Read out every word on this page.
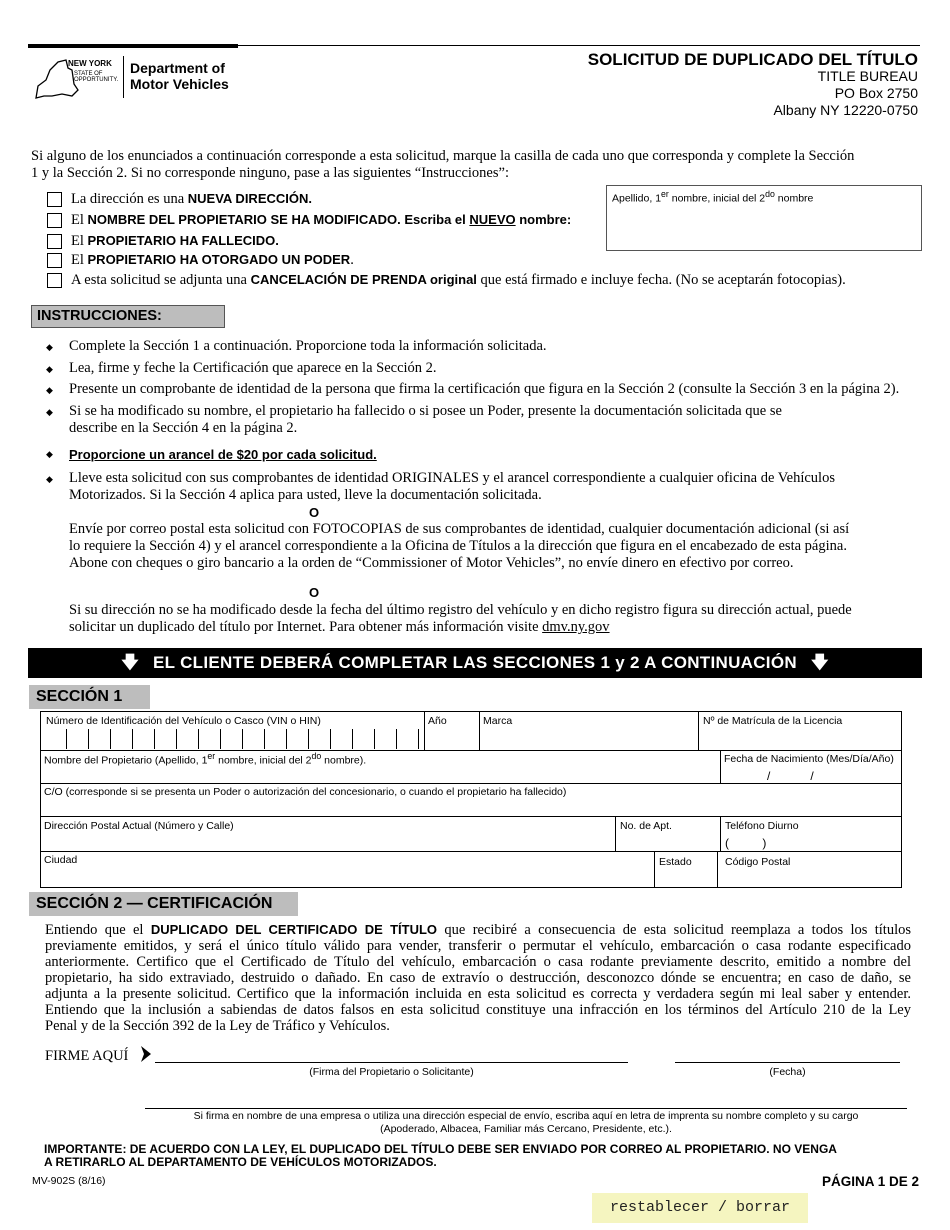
NEW YORK
STATE OF
OPPORTUNITY.
Department of
Motor Vehicles
SOLICITUD DE DUPLICADO DEL TÍTULO
TITLE BUREAU
PO Box 2750
Albany NY 12220-0750
Si alguno de los enunciados a continuación corresponde a esta solicitud, marque la casilla de cada uno que corresponda y complete la Sección
1 y la Sección 2. Si no corresponde ninguno, pase a las siguientes “Instrucciones”:
La dirección es una NUEVA DIRECCIÓN.
El NOMBRE DEL PROPIETARIO SE HA MODIFICADO. Escriba el NUEVO nombre:
El PROPIETARIO HA FALLECIDO.
El PROPIETARIO HA OTORGADO UN PODER.
A esta solicitud se adjunta una CANCELACIÓN DE PRENDA original que está firmado e incluye fecha. (No se aceptarán fotocopias).
Apellido, 1er nombre, inicial del $2^{do}$ nombre
INSTRUCCIONES:
◆ Complete la Sección 1 a continuación. Proporcione toda la información solicitada.
◆ Lea, firme y feche la Certificación que aparece en la Sección 2.
◆ Presente un comprobante de identidad de la persona que firma la certificación que figura en la Sección 2 (consulte la Sección 3 en la página 2).
◆ Si se ha modificado su nombre, el propietario ha fallecido o si posee un Poder, presente la documentación solicitada que se
describe en la Sección 4 en la página 2.
◆ Proporcione un arancel de $20 por cada solicitud.
◆ Lleve esta solicitud con sus comprobantes de identidad ORIGINALES y el arancel correspondiente a cualquier oficina de Vehículos
Motorizados. Si la Sección 4 aplica para usted, lleve la documentación solicitada.
O
Envíe por correo postal esta solicitud con FOTOCOPIAS de sus comprobantes de identidad, cualquier documentación adicional (si así
lo requiere la Sección 4) y el arancel correspondiente a la Oficina de Títulos a la dirección que figura en el encabezado de esta página.
Abone con cheques o giro bancario a la orden de “Commissioner of Motor Vehicles”, no envíe dinero en efectivo por correo.
O
Si su dirección no se ha modificado desde la fecha del último registro del vehículo y en dicho registro figura su dirección actual, puede
solicitar un duplicado del título por Internet. Para obtener más información visite dmv.ny.gov
🡇 EL CLIENTE DEBERÁ COMPLETAR LAS SECCIONES 1 y 2 A CONTINUACIÓN 🡇
SECCIÓN 1
Número de Identificación del Vehículo o Casco (VIN o HIN)	Año	Marca	Nº de Matrícula de la Licencia
Nombre del Propietario (Apellido, 1er nombre, inicial del $2^{do}$ nombre).	Fecha de Nacimiento (Mes/Día/Año)
/            /
C/O (corresponde si se presenta un Poder o autorización del concesionario, o cuando el propietario ha fallecido)
Dirección Postal Actual (Número y Calle)	No. de Apt.	Teléfono Diurno
(          )
Ciudad	Estado	Código Postal
SECCIÓN 2 — CERTIFICACIÓN
Entiendo que el DUPLICADO DEL CERTIFICADO DE TÍTULO que recibiré a consecuencia de esta solicitud reemplaza a todos los títulos
previamente emitidos, y será el único título válido para vender, transferir o permutar el vehículo, embarcación o casa rodante especificado
anteriormente. Certifico que el Certificado de Título del vehículo, embarcación o casa rodante previamente descrito, emitido a nombre del
propietario, ha sido extraviado, destruido o dañado. En caso de extravío o destrucción, desconozco dónde se encuentra; en caso de daño, se
adjunta a la presente solicitud. Certifico que la información incluida en esta solicitud es correcta y verdadera según mi leal saber y entender.
Entiendo que la inclusión a sabiendas de datos falsos en esta solicitud constituye una infracción en los términos del Artículo 210 de la Ley
Penal y de la Sección 392 de la Ley de Tráfico y Vehículos.
FIRME AQUÍ
(Firma del Propietario o Solicitante)	(Fecha)
Si firma en nombre de una empresa o utiliza una dirección especial de envío, escriba aquí en letra de imprenta su nombre completo y su cargo
(Apoderado, Albacea, Familiar más Cercano, Presidente, etc.).
IMPORTANTE: DE ACUERDO CON LA LEY, EL DUPLICADO DEL TÍTULO DEBE SER ENVIADO POR CORREO AL PROPIETARIO. NO VENGA
A RETIRARLO AL DEPARTAMENTO DE VEHÍCULOS MOTORIZADOS.
MV-902S (8/16)	PÁGINA 1 DE 2
restablecer / borrar
